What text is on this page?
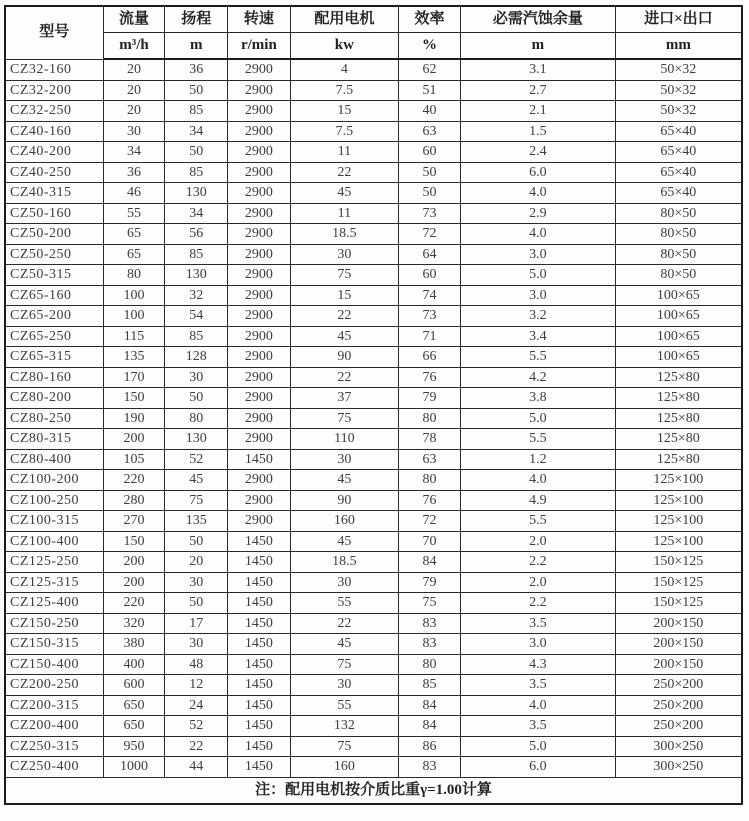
型号	流量	扬程	转速	配用电机	效率	必需汽蚀余量	进口×出口
	m³/h	m	r/min	kw	%	m	mm
CZ32-160	20	36	2900	4	62	3.1	50×32
CZ32-200	20	50	2900	7.5	51	2.7	50×32
CZ32-250	20	85	2900	15	40	2.1	50×32
CZ40-160	30	34	2900	7.5	63	1.5	65×40
CZ40-200	34	50	2900	11	60	2.4	65×40
CZ40-250	36	85	2900	22	50	6.0	65×40
CZ40-315	46	130	2900	45	50	4.0	65×40
CZ50-160	55	34	2900	11	73	2.9	80×50
CZ50-200	65	56	2900	18.5	72	4.0	80×50
CZ50-250	65	85	2900	30	64	3.0	80×50
CZ50-315	80	130	2900	75	60	5.0	80×50
CZ65-160	100	32	2900	15	74	3.0	100×65
CZ65-200	100	54	2900	22	73	3.2	100×65
CZ65-250	115	85	2900	45	71	3.4	100×65
CZ65-315	135	128	2900	90	66	5.5	100×65
CZ80-160	170	30	2900	22	76	4.2	125×80
CZ80-200	150	50	2900	37	79	3.8	125×80
CZ80-250	190	80	2900	75	80	5.0	125×80
CZ80-315	200	130	2900	110	78	5.5	125×80
CZ80-400	105	52	1450	30	63	1.2	125×80
CZ100-200	220	45	2900	45	80	4.0	125×100
CZ100-250	280	75	2900	90	76	4.9	125×100
CZ100-315	270	135	2900	160	72	5.5	125×100
CZ100-400	150	50	1450	45	70	2.0	125×100
CZ125-250	200	20	1450	18.5	84	2.2	150×125
CZ125-315	200	30	1450	30	79	2.0	150×125
CZ125-400	220	50	1450	55	75	2.2	150×125
CZ150-250	320	17	1450	22	83	3.5	200×150
CZ150-315	380	30	1450	45	83	3.0	200×150
CZ150-400	400	48	1450	75	80	4.3	200×150
CZ200-250	600	12	1450	30	85	3.5	250×200
CZ200-315	650	24	1450	55	84	4.0	250×200
CZ200-400	650	52	1450	132	84	3.5	250×200
CZ250-315	950	22	1450	75	86	5.0	300×250
CZ250-400	1000	44	1450	160	83	6.0	300×250
注：配用电机按介质比重γ=1.00计算							
